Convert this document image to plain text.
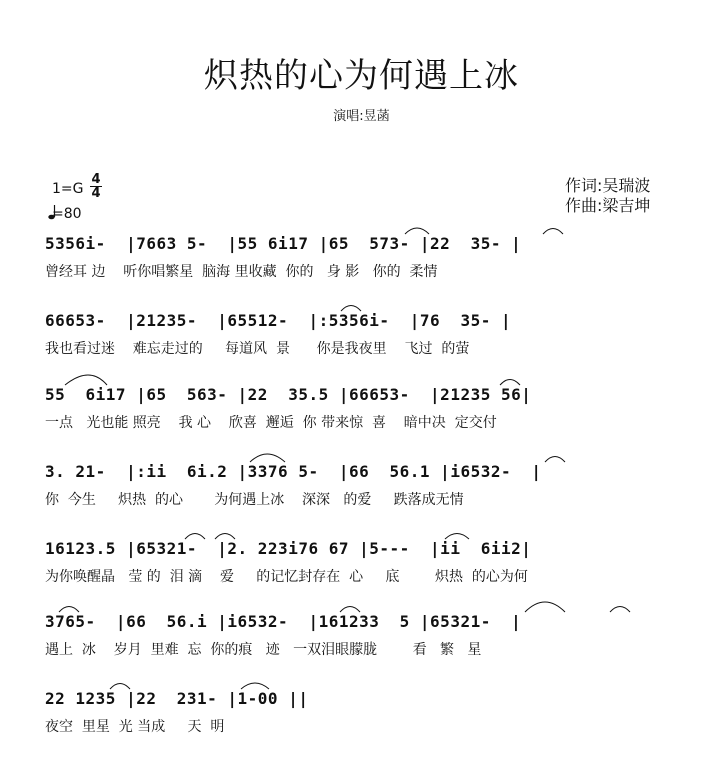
炽热的心为何遇上冰
演唱:昱菡
$1=G \frac{4}{4}$
=80
作词:吴瑞波
作曲:梁吉坤
5356i-  |7663 5-  |55 6i17 |65  573- |22  35- |
曾经耳 边    听你唱繁星  脑海 里收藏  你的   身 影   你的  柔情
66653-  |21235-  |65512-  |:5356i-  |76  35- |
我也看过迷    难忘走过的     每道风  景      你是我夜里    飞过  的萤
55  6i17 |65  563- |22  35.5 |66653-  |21235 56|
一点   光也能 照亮    我 心    欣喜  邂逅  你 带来惊  喜    暗中决  定交付
3. 21-  |:ii  6i.2 |3376 5-  |66  56.1 |i6532-  |
你  今生     炽热  的心       为何遇上冰    深深   的爱     跌落成无情
16123.5 |65321-  |2. 223i76 67 |5---  |ii  6ii2|
为你唤醒晶   莹 的  泪 滴    爱     的记忆封存在  心     底        炽热  的心为何
3765-  |66  56.i |i6532-  |161233  5 |65321-  |
遇上  冰    岁月  里难  忘  你的痕   迹   一双泪眼朦胧        看   繁   星
22 1235 |22  231- |1-00 ||
夜空  里星  光 当成     天  明
